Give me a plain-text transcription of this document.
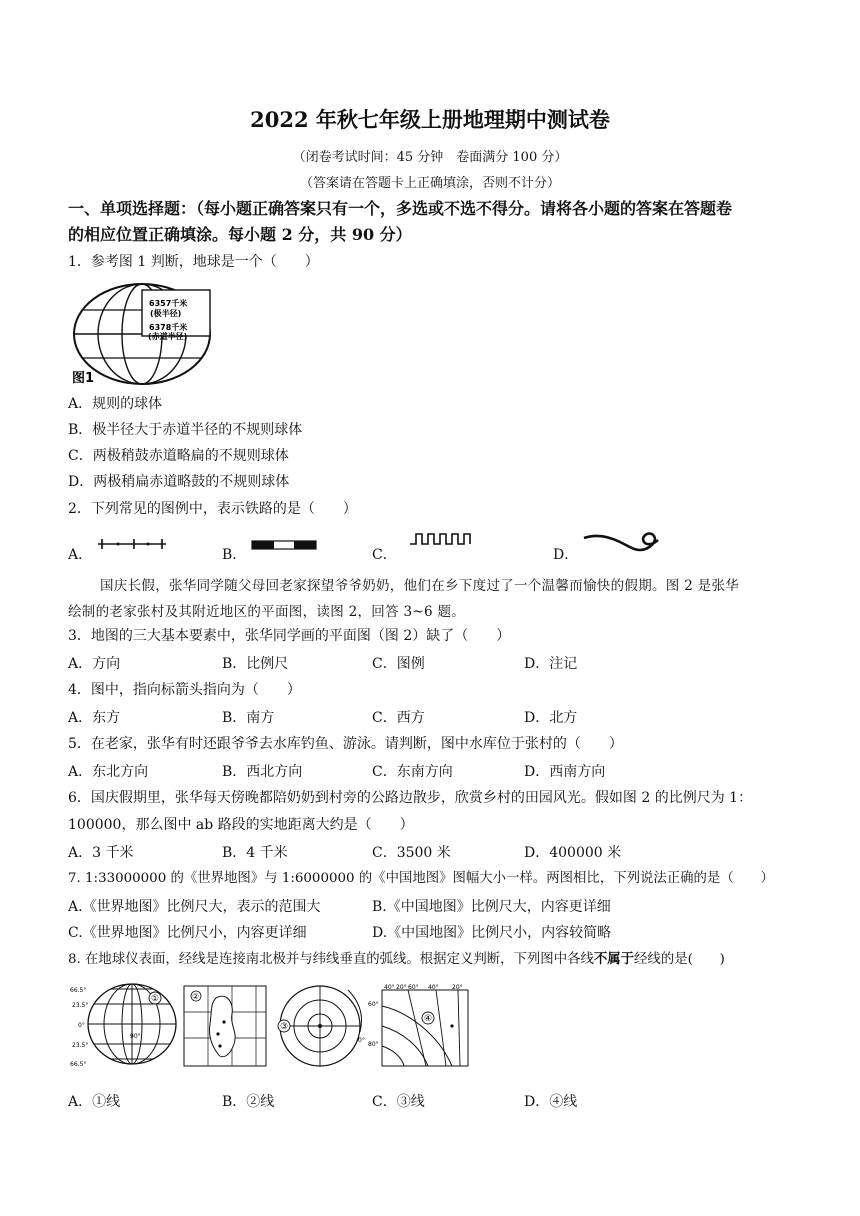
2022 年秋七年级上册地理期中测试卷
（闭卷考试时间：45 分钟　卷面满分 100 分）
（答案请在答题卡上正确填涂，否则不计分）
一、单项选择题：（每小题正确答案只有一个，多选或不选不得分。请将各小题的答案在答题卷
的相应位置正确填涂。每小题 2 分，共 90 分）
1．参考图 1 判断，地球是一个（　　）
6357千米
(极半径)
6378千米
(赤道半径)
图1
A．规则的球体
B．极半径大于赤道半径的不规则球体
C．两极稍鼓赤道略扁的不规则球体
D．两极稍扁赤道略鼓的不规则球体
2．下列常见的图例中，表示铁路的是（　　）
A．	B．	C．	D．
国庆长假，张华同学随父母回老家探望爷爷奶奶，他们在乡下度过了一个温馨而愉快的假期。图 2 是张华
绘制的老家张村及其附近地区的平面图，读图 2，回答 3~6 题。
3．地图的三大基本要素中，张华同学画的平面图（图 2）缺了（　　）
A．方向	B．比例尺	C．图例	D．注记
4．图中，指向标箭头指向为（　　）
A．东方	B．南方	C．西方	D．北方
5．在老家，张华有时还跟爷爷去水库钓鱼、游泳。请判断，图中水库位于张村的（　　）
A．东北方向	B．西北方向	C．东南方向	D．西南方向
6．国庆假期里，张华每天傍晚都陪奶奶到村旁的公路边散步，欣赏乡村的田园风光。假如图 2 的比例尺为 1：
100000，那么图中 ab 路段的实地距离大约是（　　）
A．3 千米	B．4 千米	C．3500 米	D．400000 米
7. 1:33000000 的《世界地图》与 1:6000000 的《中国地图》图幅大小一样。两图相比，下列说法正确的是（　　）
A.《世界地图》比例尺大，表示的范围大	B.《中国地图》比例尺大，内容更详细
C.《世界地图》比例尺小，内容更详细	D.《中国地图》比例尺小，内容较简略
8. 在地球仪表面，经线是连接南北极并与纬线垂直的弧线。根据定义判断，下列图中各线不属于经线的是(　　)
66.5°
23.5°
0°
23.5°
66.5°
90°
①	②
③
0°
40° 20° 60° 40° 20°
60°
80°
④
A．①线	B．②线	C．③线	D．④线
